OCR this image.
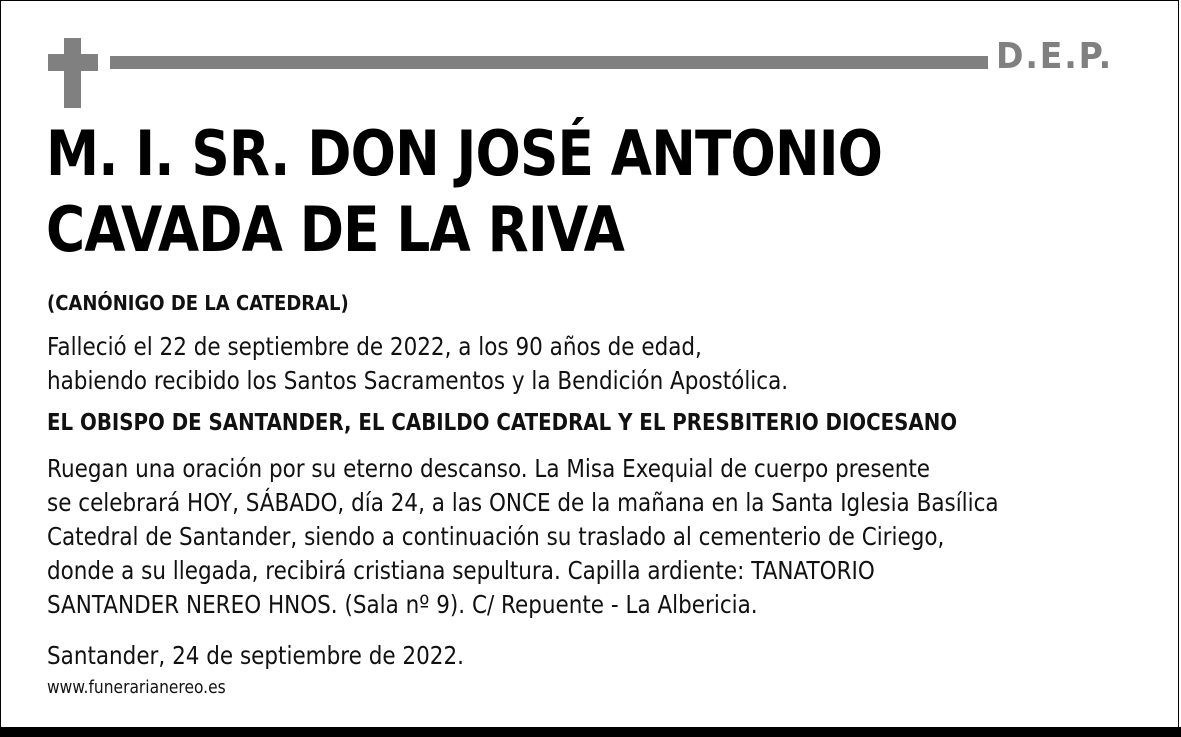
D.E.P.
M. I. SR. DON JOSÉ ANTONIO
CAVADA DE LA RIVA

(CANÓNIGO DE LA CATEDRAL)

Falleció el 22 de septiembre de 2022, a los 90 años de edad,
habiendo recibido los Santos Sacramentos y la Bendición Apostólica.

EL OBISPO DE SANTANDER, EL CABILDO CATEDRAL Y EL PRESBITERIO DIOCESANO

Ruegan una oración por su eterno descanso. La Misa Exequial de cuerpo presente
se celebrará HOY, SÁBADO, día 24, a las ONCE de la mañana en la Santa Iglesia Basílica
Catedral de Santander, siendo a continuación su traslado al cementerio de Ciriego,
donde a su llegada, recibirá cristiana sepultura. Capilla ardiente: TANATORIO
SANTANDER NEREO HNOS. (Sala nº 9). C/ Repuente - La Albericia.

Santander, 24 de septiembre de 2022.

www.funerarianereo.es
